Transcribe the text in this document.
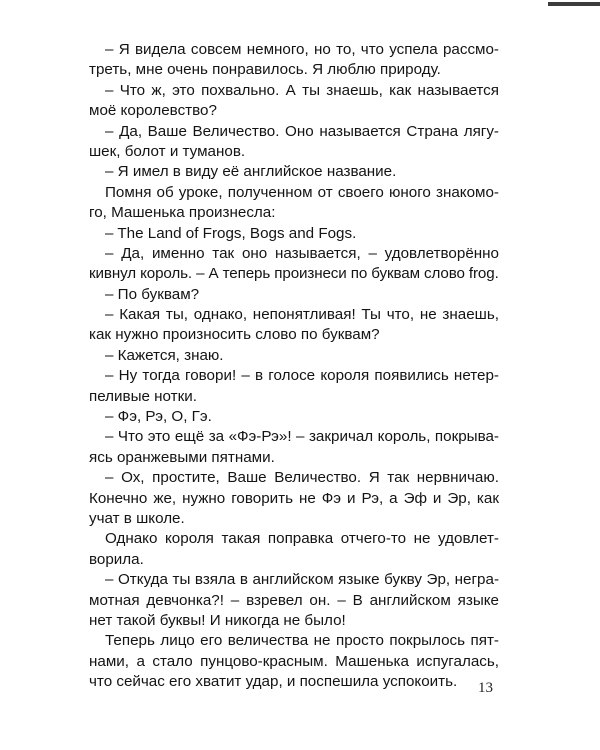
– Я видела совсем немного, но то, что успела рассмо-
треть, мне очень понравилось. Я люблю природу.
– Что ж, это похвально. А ты знаешь, как называется
моё королевство?
– Да, Ваше Величество. Оно называется Страна лягу-
шек, болот и туманов.
– Я имел в виду её английское название.
Помня об уроке, полученном от своего юного знакомо-
го, Машенька произнесла:
– The Land of Frogs, Bogs and Fogs.
– Да, именно так оно называется, – удовлетворённо
кивнул король. – А теперь произнеси по буквам слово frog.
– По буквам?
– Какая ты, однако, непонятливая! Ты что, не знаешь,
как нужно произносить слово по буквам?
– Кажется, знаю.
– Ну тогда говори! – в голосе короля появились нетер-
пеливые нотки.
– Фэ, Рэ, О, Гэ.
– Что это ещё за «Фэ-Рэ»! – закричал король, покрыва-
ясь оранжевыми пятнами.
– Ох, простите, Ваше Величество. Я так нервничаю.
Конечно же, нужно говорить не Фэ и Рэ, а Эф и Эр, как
учат в школе.
Однако короля такая поправка отчего-то не удовлет-
ворила.
– Откуда ты взяла в английском языке букву Эр, негра-
мотная девчонка?! – взревел он. – В английском языке
нет такой буквы! И никогда не было!
Теперь лицо его величества не просто покрылось пят-
нами, а стало пунцово-красным. Машенька испугалась,
что сейчас его хватит удар, и поспешила успокоить.	13
